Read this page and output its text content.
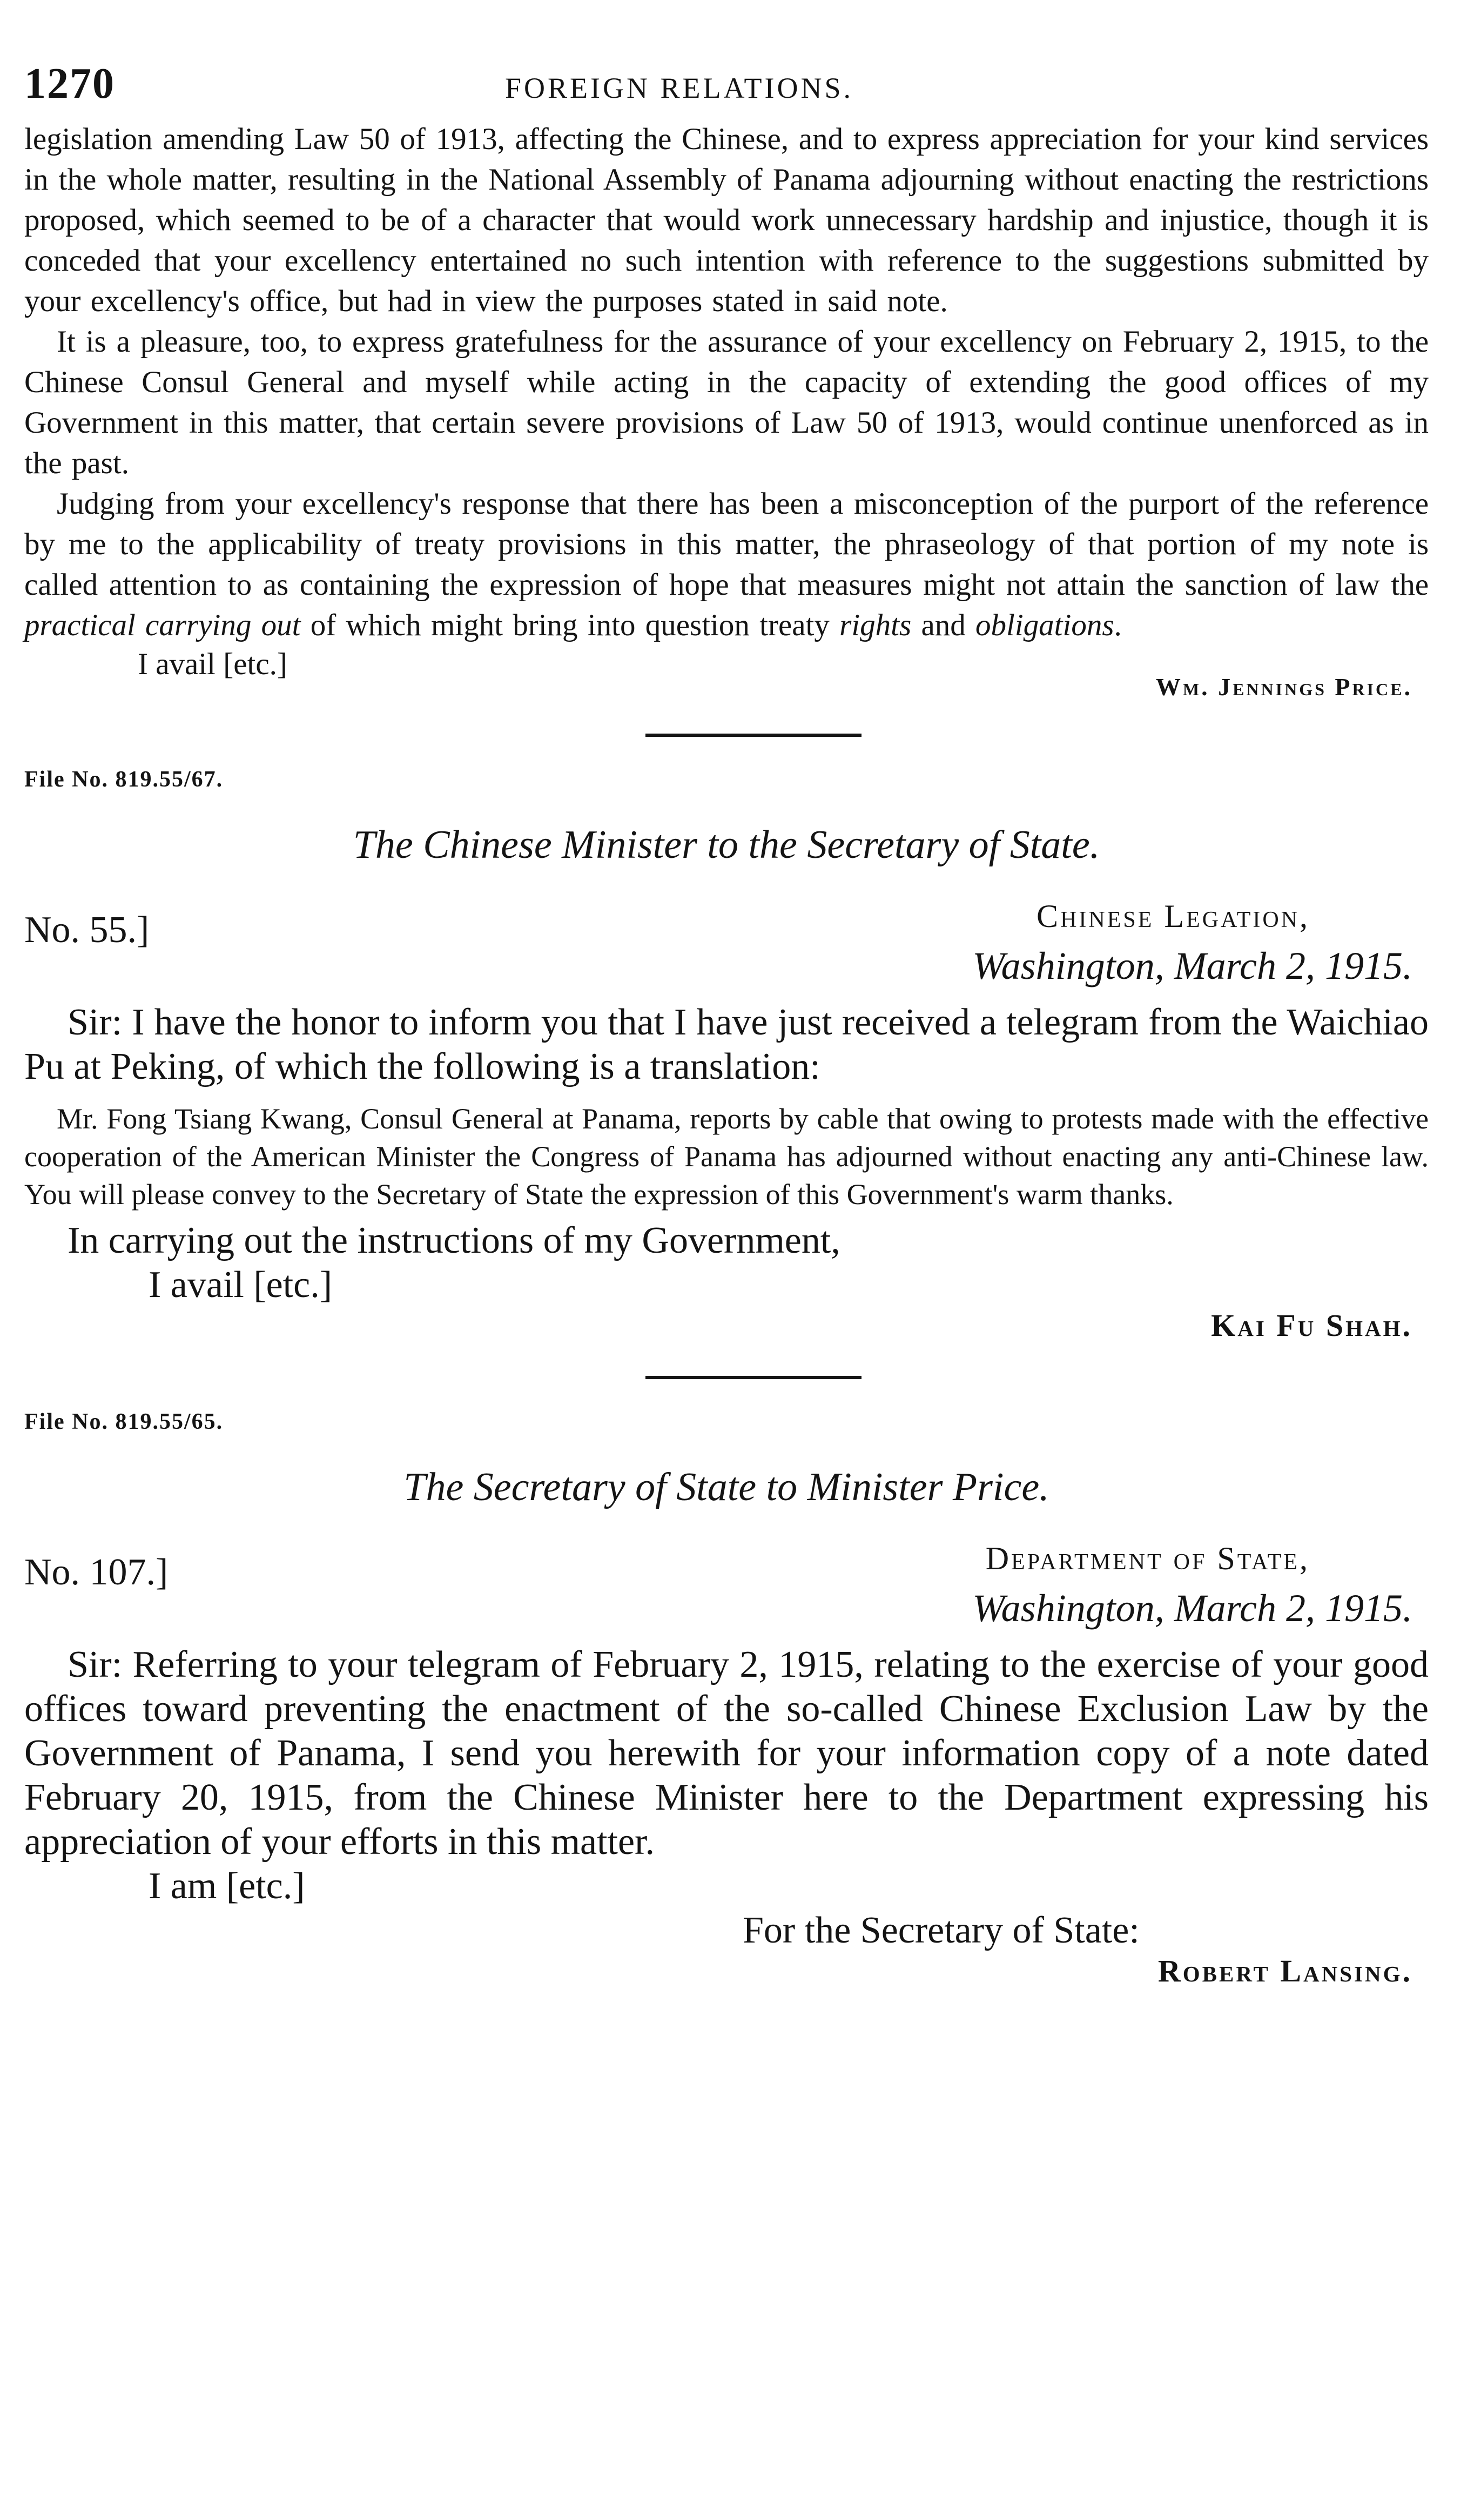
1270	FOREIGN RELATIONS.

legislation amending Law 50 of 1913, affecting the Chinese, and to express appreciation for your kind services in the whole matter, resulting in the National Assembly of Panama adjourning without enacting the restrictions proposed, which seemed to be of a character that would work unnecessary hardship and injustice, though it is conceded that your excellency entertained no such intention with reference to the suggestions submitted by your excellency's office, but had in view the purposes stated in said note.

It is a pleasure, too, to express gratefulness for the assurance of your excellency on February 2, 1915, to the Chinese Consul General and myself while acting in the capacity of extending the good offices of my Government in this matter, that certain severe provisions of Law 50 of 1913, would continue unenforced as in the past.

Judging from your excellency's response that there has been a misconception of the purport of the reference by me to the applicability of treaty provisions in this matter, the phraseology of that portion of my note is called attention to as containing the expression of hope that measures might not attain the sanction of law the practical carrying out of which might bring into question treaty rights and obligations.

I avail [etc.]

Wm. Jennings Price.
File No. 819.55/67.
The Chinese Minister to the Secretary of State.
No. 55.]	Chinese Legation,
Washington, March 2, 1915.

Sir: I have the honor to inform you that I have just received a telegram from the Waichiao Pu at Peking, of which the following is a translation:

Mr. Fong Tsiang Kwang, Consul General at Panama, reports by cable that owing to protests made with the effective cooperation of the American Minister the Congress of Panama has adjourned without enacting any anti-Chinese law. You will please convey to the Secretary of State the expression of this Government's warm thanks.

In carrying out the instructions of my Government,

I avail [etc.]

Kai Fu Shah.
File No. 819.55/65.
The Secretary of State to Minister Price.
No. 107.]	Department of State,
Washington, March 2, 1915.

Sir: Referring to your telegram of February 2, 1915, relating to the exercise of your good offices toward preventing the enactment of the so-called Chinese Exclusion Law by the Government of Panama, I send you herewith for your information copy of a note dated February 20, 1915, from the Chinese Minister here to the Department expressing his appreciation of your efforts in this matter.

I am [etc.]

For the Secretary of State:

Robert Lansing.
